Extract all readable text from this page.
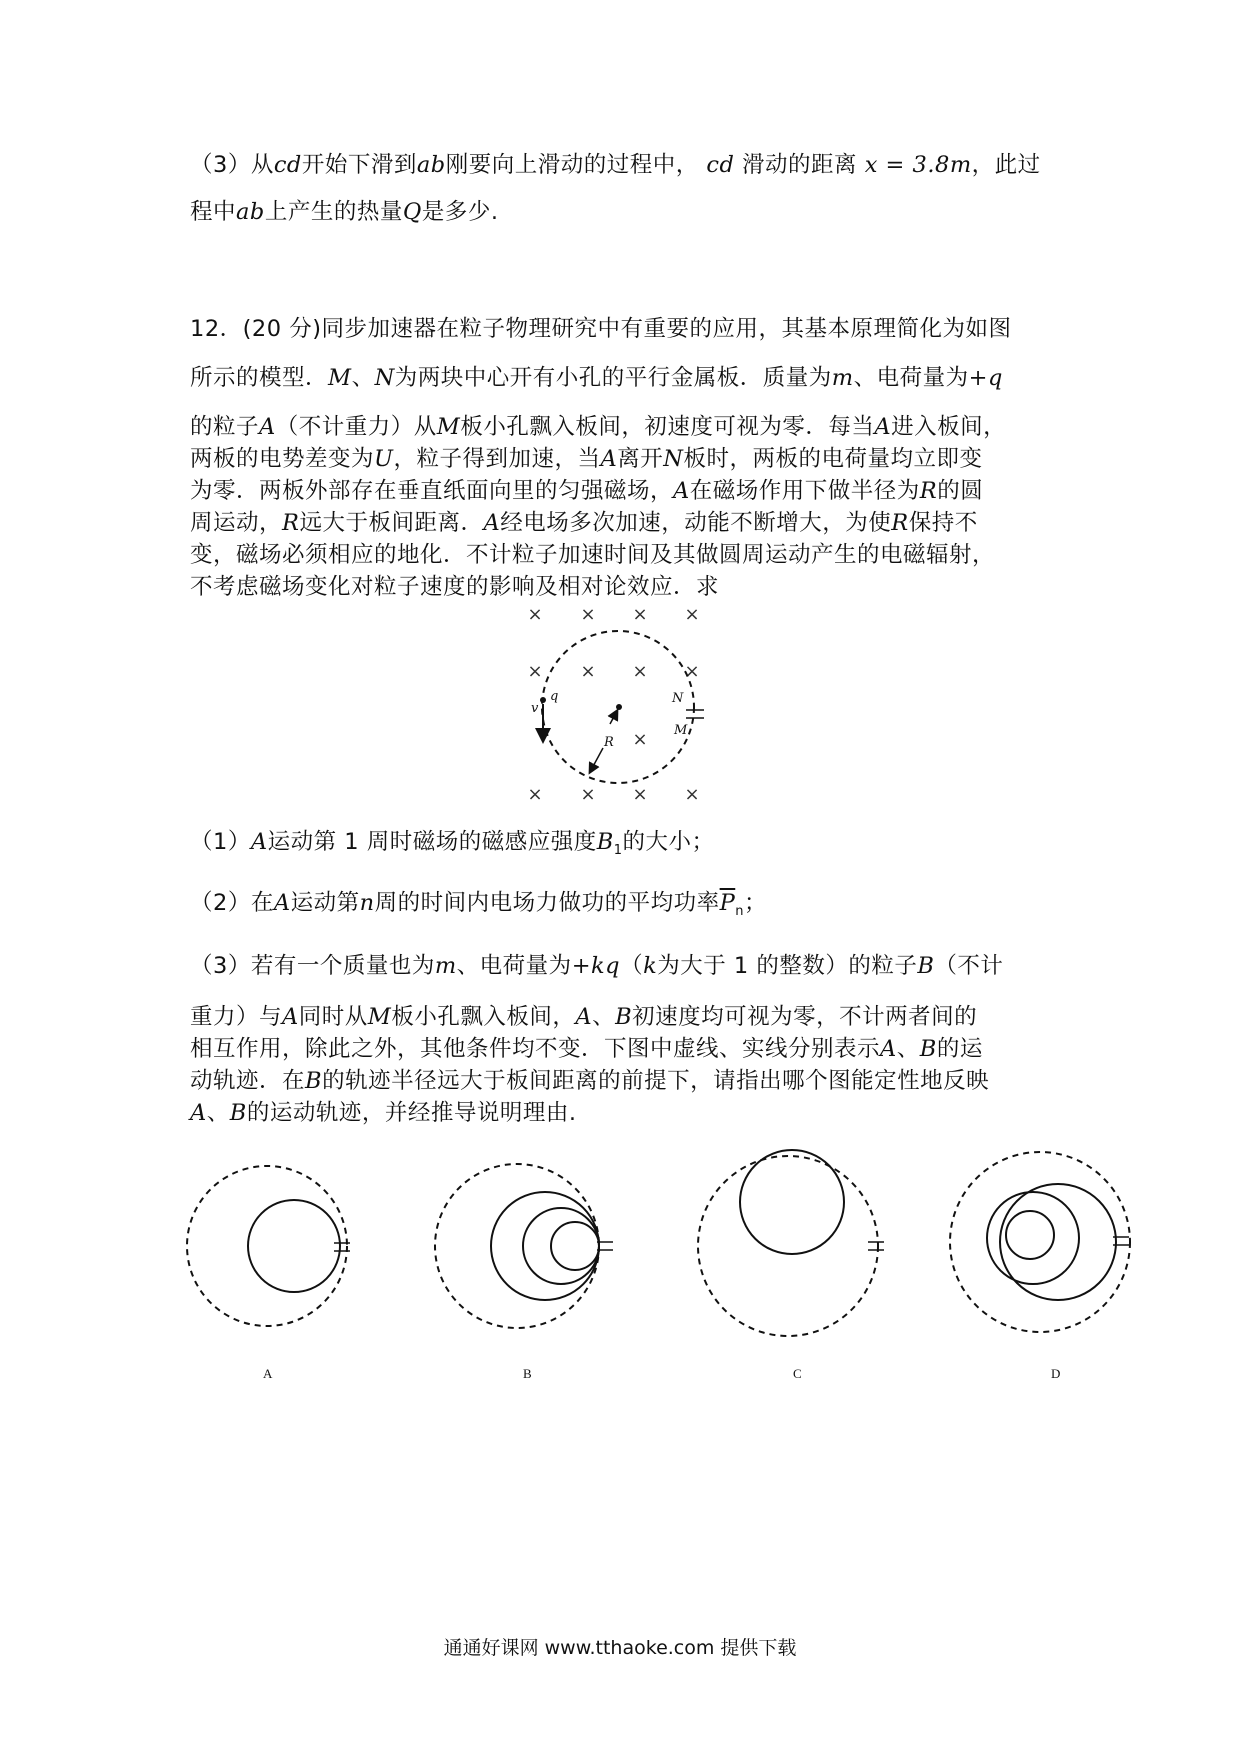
（3）从cd开始下滑到ab刚要向上滑动的过程中， cd 滑动的距离 x = 3.8m，此过
程中ab上产生的热量Q是多少.
12．(20 分)同步加速器在粒子物理研究中有重要的应用，其基本原理简化为如图
所示的模型．M、N为两块中心开有小孔的平行金属板．质量为m、电荷量为+q
的粒子A（不计重力）从M板小孔飘入板间，初速度可视为零．每当A进入板间，
两板的电势差变为U，粒子得到加速，当A离开N板时，两板的电荷量均立即变
为零．两板外部存在垂直纸面向里的匀强磁场，A在磁场作用下做半径为R的圆
周运动，R远大于板间距离．A经电场多次加速，动能不断增大，为使R保持不
变，磁场必须相应的地化．不计粒子加速时间及其做圆周运动产生的电磁辐射，
不考虑磁场变化对粒子速度的影响及相对论效应．求
× × × ×
× × × ×
×
× × × ×
v
q	N
M
R
（1）A运动第 1 周时磁场的磁感应强度$B_1$的大小；
（2）在A运动第n周的时间内电场力做功的平均功率$\overline{P}_n$；
（3）若有一个质量也为m、电荷量为+kq（k为大于 1 的整数）的粒子B（不计
重力）与A同时从M板小孔飘入板间，A、B初速度均可视为零，不计两者间的
相互作用，除此之外，其他条件均不变．下图中虚线、实线分别表示A、B的运
动轨迹．在B的轨迹半径远大于板间距离的前提下，请指出哪个图能定性地反映
A、B的运动轨迹，并经推导说明理由.
A	B	C	D
通通好课网 www.tthaoke.com 提供下载
